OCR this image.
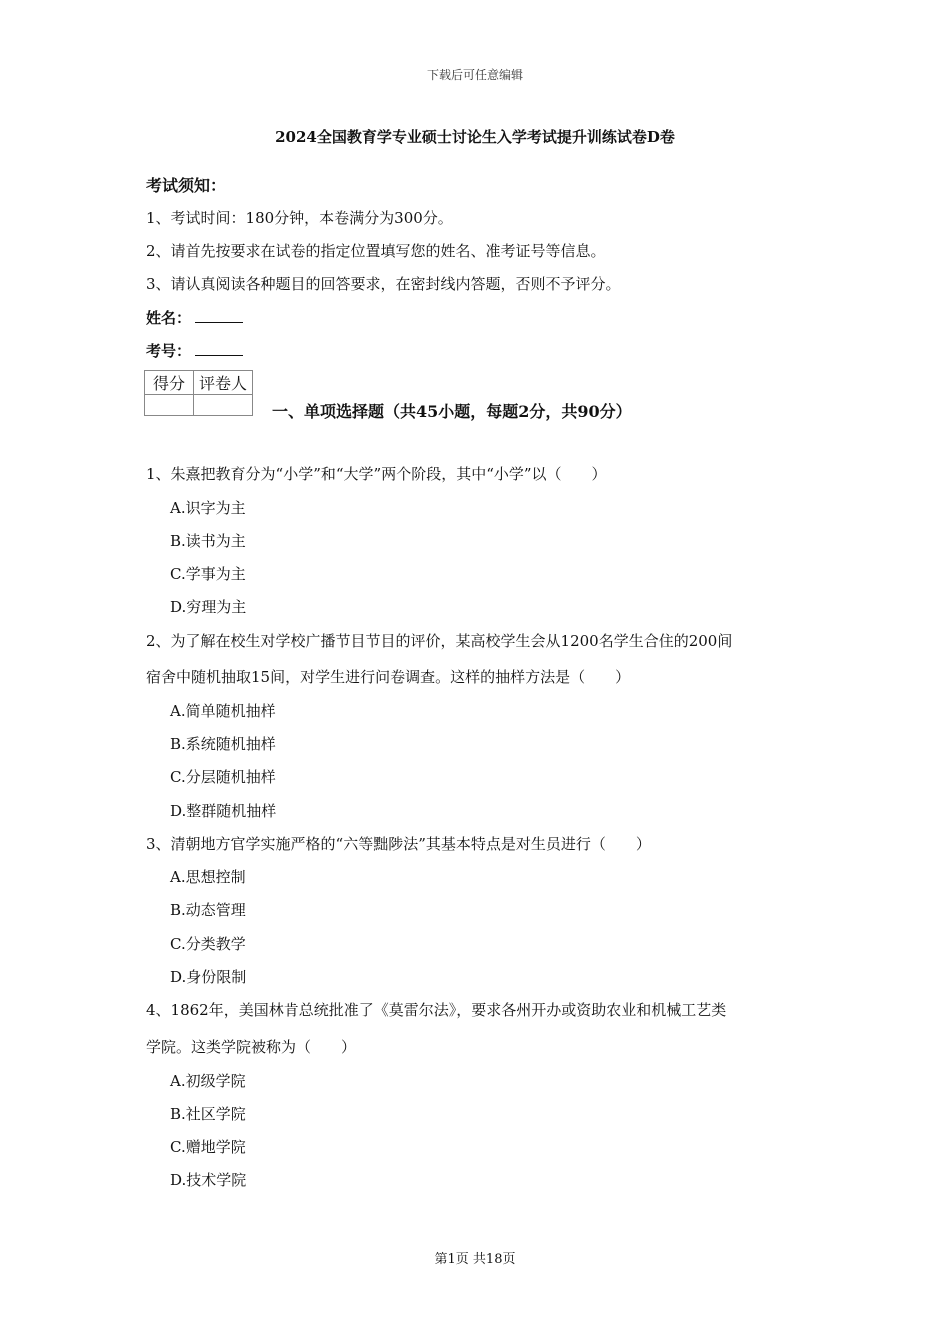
下载后可任意编辑
2024全国教育学专业硕士讨论生入学考试提升训练试卷D卷
考试须知：
1、考试时间：180分钟，本卷满分为300分。
2、请首先按要求在试卷的指定位置填写您的姓名、准考证号等信息。
3、请认真阅读各种题目的回答要求，在密封线内答题，否则不予评分。
姓名：
考号：
得分	评卷人

一、单项选择题（共45小题，每题2分，共90分）
1、朱熹把教育分为“小学”和“大学”两个阶段，其中“小学”以（　　）
A.识字为主
B.读书为主
C.学事为主
D.穷理为主
2、为了解在校生对学校广播节目节目的评价，某高校学生会从1200名学生合住的200间
宿舍中随机抽取15间，对学生进行问卷调查。这样的抽样方法是（　　）
A.简单随机抽样
B.系统随机抽样
C.分层随机抽样
D.整群随机抽样
3、清朝地方官学实施严格的“六等黜陟法”其基本特点是对生员进行（　　）
A.思想控制
B.动态管理
C.分类教学
D.身份限制
4、1862年，美国林肯总统批准了《莫雷尔法》，要求各州开办或资助农业和机械工艺类
学院。这类学院被称为（　　）
A.初级学院
B.社区学院
C.赠地学院
D.技术学院
第1页 共18页
